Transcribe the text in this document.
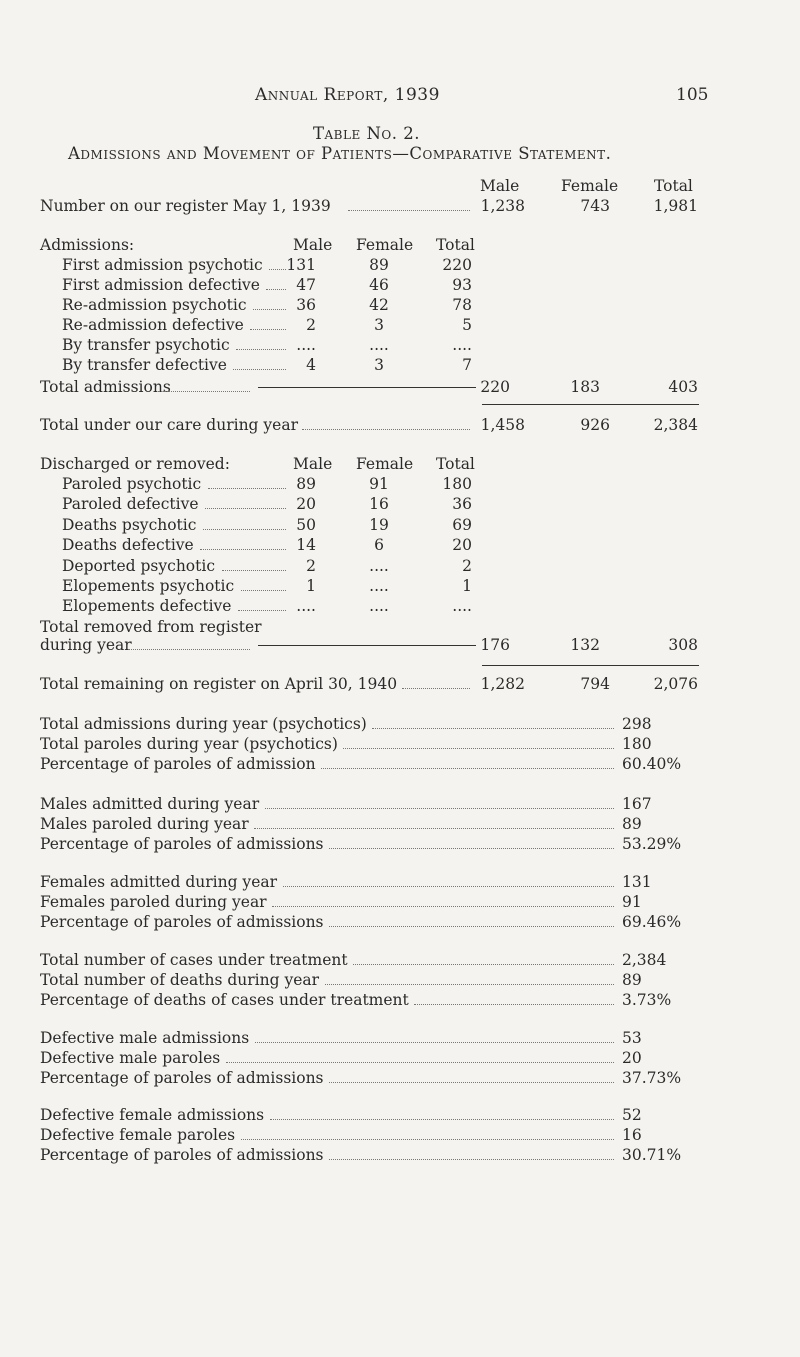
Annual Report, 1939	105
Table No. 2.
Admissions and Movement of Patients—Comparative Statement.
Male	Female Total
Number on our register May 1, 1939	1,238	743	1,981
Admissions:	Male Female Total
First admission psychotic	131	89	220
First admission defective	47	46	93
Re-admission psychotic	36	42	78
Re-admission defective	2	3	5
By transfer psychotic	....	....	....
By transfer defective	4	3	7
Total admissions	220	183	403
Total under our care during year	1,458	926	2,384
Discharged or removed:	Male Female Total
Paroled psychotic	89	91	180
Paroled defective	20	16	36
Deaths psychotic	50	19	69
Deaths defective	14	6	20
Deported psychotic	2	....	2
Elopements psychotic	1	....	1
Elopements defective	....	....	....
Total removed from register
during year	176	132	308
Total remaining on register on April 30, 1940	1,282	794	2,076
Total admissions during year (psychotics)	298
Total paroles during year (psychotics)	180
Percentage of paroles of admission	60.40%
Males admitted during year	167
Males paroled during year	89
Percentage of paroles of admissions	53.29%
Females admitted during year	131
Females paroled during year	91
Percentage of paroles of admissions	69.46%
Total number of cases under treatment	2,384
Total number of deaths during year	89
Percentage of deaths of cases under treatment	3.73%
Defective male admissions	53
Defective male paroles	20
Percentage of paroles of admissions	37.73%
Defective female admissions	52
Defective female paroles	16
Percentage of paroles of admissions	30.71%
